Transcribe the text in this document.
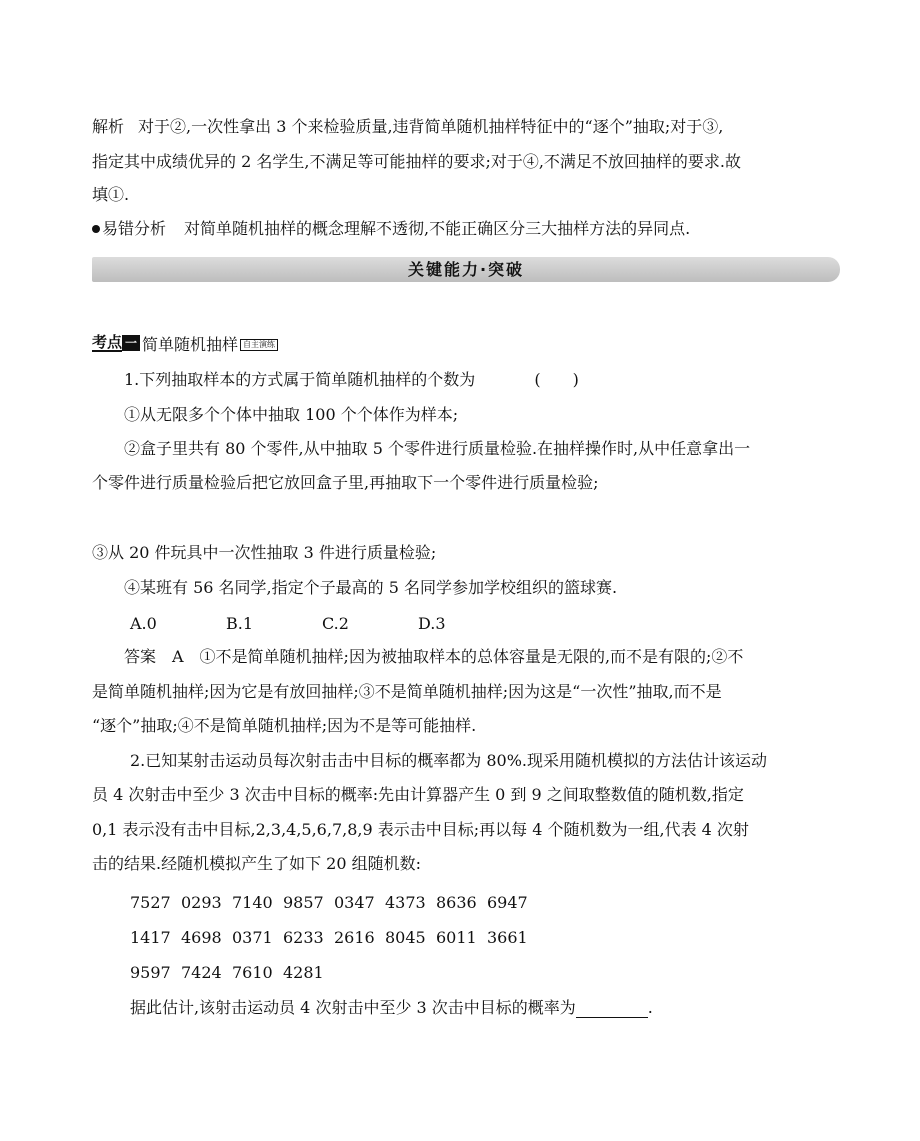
解析 对于②,一次性拿出 3 个来检验质量,违背简单随机抽样特征中的“逐个”抽取;对于③,
指定其中成绩优异的 2 名学生,不满足等可能抽样的要求;对于④,不满足不放回抽样的要求.故
填①.
易错分析 对简单随机抽样的概念理解不透彻,不能正确区分三大抽样方法的异同点.
关键能力·突破
考点 一 简单随机抽样 自主演练
1.下列抽取样本的方式属于简单随机抽样的个数为	(　　)
①从无限多个个体中抽取 100 个个体作为样本;
②盒子里共有 80 个零件,从中抽取 5 个零件进行质量检验.在抽样操作时,从中任意拿出一
个零件进行质量检验后把它放回盒子里,再抽取下一个零件进行质量检验;
③从 20 件玩具中一次性抽取 3 件进行质量检验;
④某班有 56 名同学,指定个子最高的 5 名同学参加学校组织的篮球赛.
A.0	B.1	C.2	D.3
答案　A　①不是简单随机抽样;因为被抽取样本的总体容量是无限的,而不是有限的;②不
是简单随机抽样;因为它是有放回抽样;③不是简单随机抽样;因为这是“一次性”抽取,而不是
“逐个”抽取;④不是简单随机抽样;因为不是等可能抽样.
2.已知某射击运动员每次射击击中目标的概率都为 80%.现采用随机模拟的方法估计该运动
员 4 次射击中至少 3 次击中目标的概率:先由计算器产生 0 到 9 之间取整数值的随机数,指定
0,1 表示没有击中目标,2,3,4,5,6,7,8,9 表示击中目标;再以每 4 个随机数为一组,代表 4 次射
击的结果.经随机模拟产生了如下 20 组随机数:
7527 0293 7140 9857 0347 4373 8636 6947
1417 4698 0371 6233 2616 8045 6011 3661
9597 7424 7610 4281
据此估计,该射击运动员 4 次射击中至少 3 次击中目标的概率为	.
